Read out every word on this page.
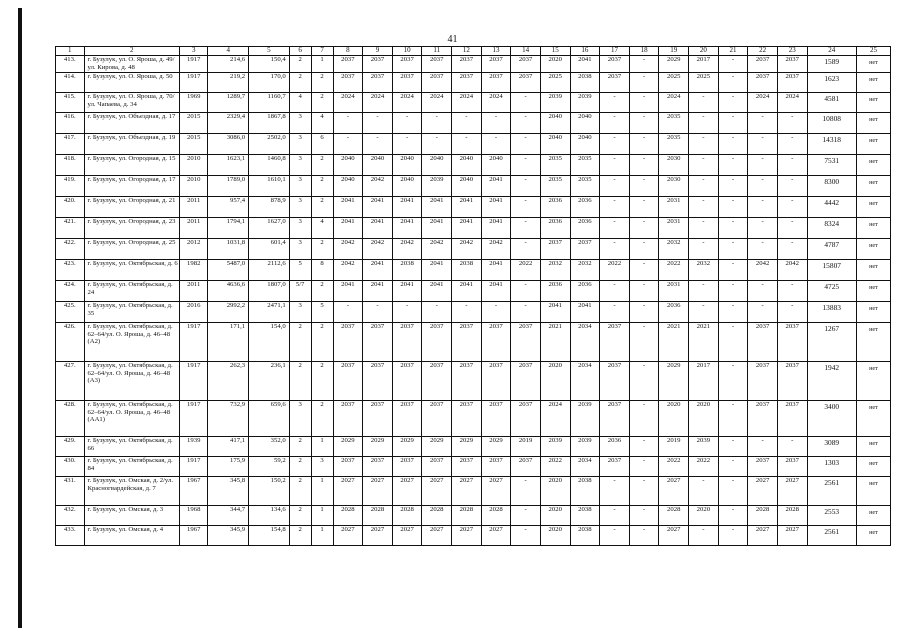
41
1	2	3	4	5	6	7	8	9	10	11	12	13	14	15	16	17	18	19	20	21	22	23	24	25
413.	г. Бузулук, ул. О. Яроша, д. 49/ул. Кирова, д. 48	1917	214,6	150,4	2	1	2037	2037	2037	2037	2037	2037	2037	2020	2041	2037	-	2029	2017	-	2037	2037	1589	нет
414.	г. Бузулук, ул. О. Яроша, д. 50	1917	219,2	170,0	2	2	2037	2037	2037	2037	2037	2037	2037	2025	2038	2037	-	2025	2025	-	2037	2037	1623	нет
415.	г. Бузулук, ул. О. Яроша, д. 70/ул. Чапаева, д. 34	1969	1289,7	1160,7	4	2	2024	2024	2024	2024	2024	2024	-	2039	2039	-	-	2024	-	-	2024	2024	4581	нет
416.	г. Бузулук, ул. Объездная, д. 17	2015	2329,4	1867,8	3	4	-	-	-	-	-	-	-	2040	2040	-	-	2035	-	-	-	-	10808	нет
417.	г. Бузулук, ул. Объездная, д. 19	2015	3086,0	2502,0	3	6	-	-	-	-	-	-	-	2040	2040	-	-	2035	-	-	-	-	14318	нет
418.	г. Бузулук, ул. Огородная, д. 15	2010	1623,1	1460,8	3	2	2040	2040	2040	2040	2040	2040	-	2035	2035	-	-	2030	-	-	-	-	7531	нет
419.	г. Бузулук, ул. Огородная, д. 17	2010	1789,0	1610,1	3	2	2040	2042	2040	2039	2040	2041	-	2035	2035	-	-	2030	-	-	-	-	8300	нет
420.	г. Бузулук, ул. Огородная, д. 21	2011	957,4	878,9	3	2	2041	2041	2041	2041	2041	2041	-	2036	2036	-	-	2031	-	-	-	-	4442	нет
421.	г. Бузулук, ул. Огородная, д. 23	2011	1794,1	1627,0	3	4	2041	2041	2041	2041	2041	2041	-	2036	2036	-	-	2031	-	-	-	-	8324	нет
422.	г. Бузулук, ул. Огородная, д. 25	2012	1031,8	601,4	3	2	2042	2042	2042	2042	2042	2042	-	2037	2037	-	-	2032	-	-	-	-	4787	нет
423.	г. Бузулук, ул. Октябрьская, д. 6	1982	5487,0	2112,6	5	8	2042	2041	2038	2041	2038	2041	2022	2032	2032	2022	-	2022	2032	-	2042	2042	15807	нет
424.	г. Бузулук, ул. Октябрьская, д. 24	2011	4636,6	1807,0	5/7	2	2041	2041	2041	2041	2041	2041	-	2036	2036	-	-	2031	-	-	-	-	4725	нет
425.	г. Бузулук, ул. Октябрьская, д. 35	2016	2992,2	2471,1	3	5	-	-	-	-	-	-	-	2041	2041	-	-	2036	-	-	-	-	13883	нет
426.	г. Бузулук, ул. Октябрьская, д. 62–64/ул. О. Яроша, д. 46–48 (А2)	1917	171,1	154,0	2	2	2037	2037	2037	2037	2037	2037	2037	2021	2034	2037	-	2021	2021	-	2037	2037	1267	нет
427.	г. Бузулук, ул. Октябрьская, д. 62–64/ул. О. Яроша, д. 46–48 (А3)	1917	262,3	236,1	2	2	2037	2037	2037	2037	2037	2037	2037	2020	2034	2037	-	2029	2017	-	2037	2037	1942	нет
428.	г. Бузулук, ул. Октябрьская, д. 62–64/ул. О. Яроша, д. 46–48 (АА1)	1917	732,9	659,6	3	2	2037	2037	2037	2037	2037	2037	2037	2024	2039	2037	-	2020	2020	-	2037	2037	3400	нет
429.	г. Бузулук, ул. Октябрьская, д. 66	1939	417,1	352,0	2	1	2029	2029	2029	2029	2029	2029	2019	2039	2039	2036	-	2019	2039	-	-	-	3089	нет
430.	г. Бузулук, ул. Октябрьская, д. 84	1917	175,9	59,2	2	3	2037	2037	2037	2037	2037	2037	2037	2022	2034	2037	-	2022	2022	-	2037	2037	1303	нет
431.	г. Бузулук, ул. Омская, д. 2/ул. Красногвардейская, д. 7	1967	345,8	150,2	2	1	2027	2027	2027	2027	2027	2027	-	2020	2038	-	-	2027	-	-	2027	2027	2561	нет
432.	г. Бузулук, ул. Омская, д. 3	1968	344,7	134,6	2	1	2028	2028	2028	2028	2028	2028	-	2020	2038	-	-	2028	2020	-	2028	2028	2553	нет
433.	г. Бузулук, ул. Омская, д. 4	1967	345,9	154,8	2	1	2027	2027	2027	2027	2027	2027	-	2020	2038	-	-	2027	-	-	2027	2027	2561	нет
